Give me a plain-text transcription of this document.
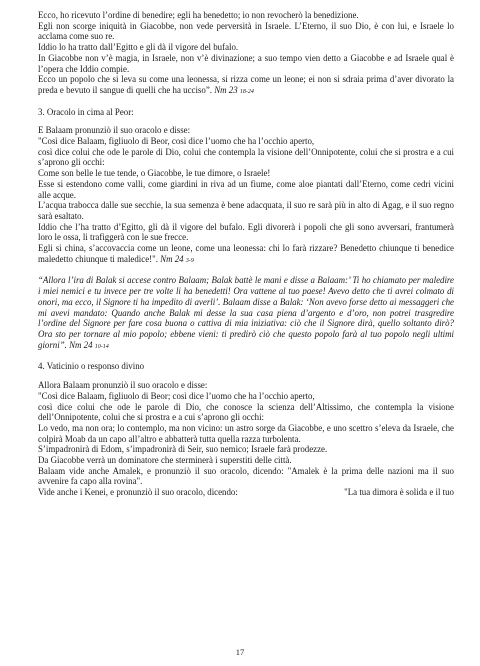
Ecco, ho ricevuto l’ordine di benedire; egli ha benedetto; io non revocherò la benedizione.
Egli non scorge iniquità in Giacobbe, non vede perversità in Israele. L’Eterno, il suo Dio, è con lui, e Israele lo acclama come suo re.
Iddio lo ha tratto dall’Egitto e gli dà il vigore del bufalo.
In Giacobbe non v’è magia, in Israele, non v’è divinazione; a suo tempo vien detto a Giacobbe e ad Israele qual è l’opera che Iddio compie.
Ecco un popolo che si leva su come una leonessa, si rizza come un leone; ei non si sdraia prima d’aver divorato la preda e bevuto il sangue di quelli che ha ucciso”. Nm 23 18-24

3. Oracolo in cima al Peor:

E Balaam pronunziò il suo oracolo e disse:
"Così dice Balaam, figliuolo di Beor, così dice l’uomo che ha l’occhio aperto,
così dice colui che ode le parole di Dio, colui che contempla la visione dell’Onnipotente, colui che si prostra e a cui s’aprono gli occhi:
Come son belle le tue tende, o Giacobbe, le tue dimore, o Israele!
Esse si estendono come valli, come giardini in riva ad un fiume, come aloe piantati dall’Eterno, come cedri vicini alle acque.
L’acqua trabocca dalle sue secchie, la sua semenza è bene adacquata, il suo re sarà più in alto di Agag, e il suo regno sarà esaltato.
Iddio che l’ha tratto d’Egitto, gli dà il vigore del bufalo. Egli divorerà i popoli che gli sono avversari, frantumerà loro le ossa, li trafiggerà con le sue frecce.
Egli si china, s’accovaccia come un leone, come una leonessa: chi lo farà rizzare? Benedetto chiunque ti benedice maledetto chiunque ti maledice!". Nm 24 3-9
“Allora l’ira di Balak si accese contro Balaam; Balak battè le mani e disse a Balaam:’ Ti ho chiamato per maledire i miei nemici e tu invece per tre volte li ha benedetti! Ora vattene al tuo paese! Avevo detto che ti avrei colmato di onori, ma ecco, il Signore ti ha impedito di averli’. Balaam disse a Balak: ‘Non avevo forse detto ai messaggeri che mi avevi mandato: Quando anche Balak mi desse la sua casa piena d’argento e d’oro, non potrei trasgredire l’ordine del Signore per fare cosa buona o cattiva di mia iniziativa: ciò che il Signore dirà, quello soltanto dirò? Ora sto per tornare al mio popolo; ebbene vieni: ti predirò ciò che questo popolo farà al tuo popolo negli ultimi giorni”. Nm 24 10-14

4. Vaticinio o responso divino

Allora Balaam pronunziò il suo oracolo e disse:
"Così dice Balaam, figliuolo di Beor; così dice l’uomo che ha l’occhio aperto,
così dice colui che ode le parole di Dio, che conosce la scienza dell’Altissimo, che contempla la visione dell’Onnipotente, colui che si prostra e a cui s’aprono gli occhi:
Lo vedo, ma non ora; lo contemplo, ma non vicino: un astro sorge da Giacobbe, e uno scettro s’eleva da Israele, che colpirà Moab da un capo all’altro e abbatterà tutta quella razza turbolenta.
S’impadronirà di Edom, s’impadronirà di Seir, suo nemico; Israele farà prodezze.
Da Giacobbe verrà un dominatore che sterminerà i superstiti delle città.
Balaam vide anche Amalek, e pronunziò il suo oracolo, dicendo: "Amalek è la prima delle nazioni ma il suo avvenire fa capo alla rovina".
Vide anche i Kenei, e pronunziò il suo oracolo, dicendo:	"La tua dimora è solida e il tuo
17
